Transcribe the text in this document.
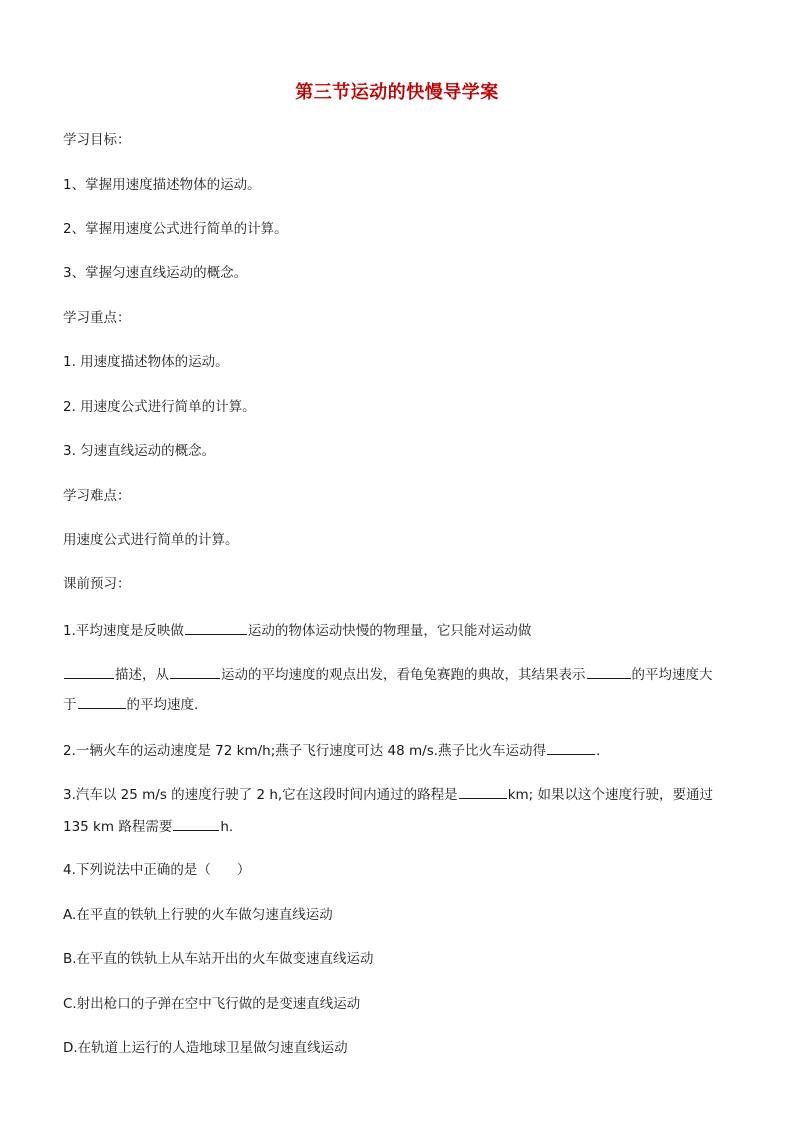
第三节运动的快慢导学案
学习目标：
1、掌握用速度描述物体的运动。
2、掌握用速度公式进行简单的计算。
3、掌握匀速直线运动的概念。
学习重点：
1. 用速度描述物体的运动。
2. 用速度公式进行简单的计算。
3. 匀速直线运动的概念。
学习难点：
用速度公式进行简单的计算。
课前预习：
1.平均速度是反映做	运动的物体运动快慢的物理量，它只能对运动做
描述，从	运动的平均速度的观点出发，看龟兔赛跑的典故，其结果表示	的平均速度大
于	的平均速度.
2.一辆火车的运动速度是 72 km/h;燕子飞行速度可达 48 m/s.燕子比火车运动得	.
3.汽车以 25 m/s 的速度行驶了 2 h,它在这段时间内通过的路程是	km; 如果以这个速度行驶，要通过
135 km 路程需要	h.
4.下列说法中正确的是（ ）
A.在平直的铁轨上行驶的火车做匀速直线运动
B.在平直的铁轨上从车站开出的火车做变速直线运动
C.射出枪口的子弹在空中飞行做的是变速直线运动
D.在轨道上运行的人造地球卫星做匀速直线运动
